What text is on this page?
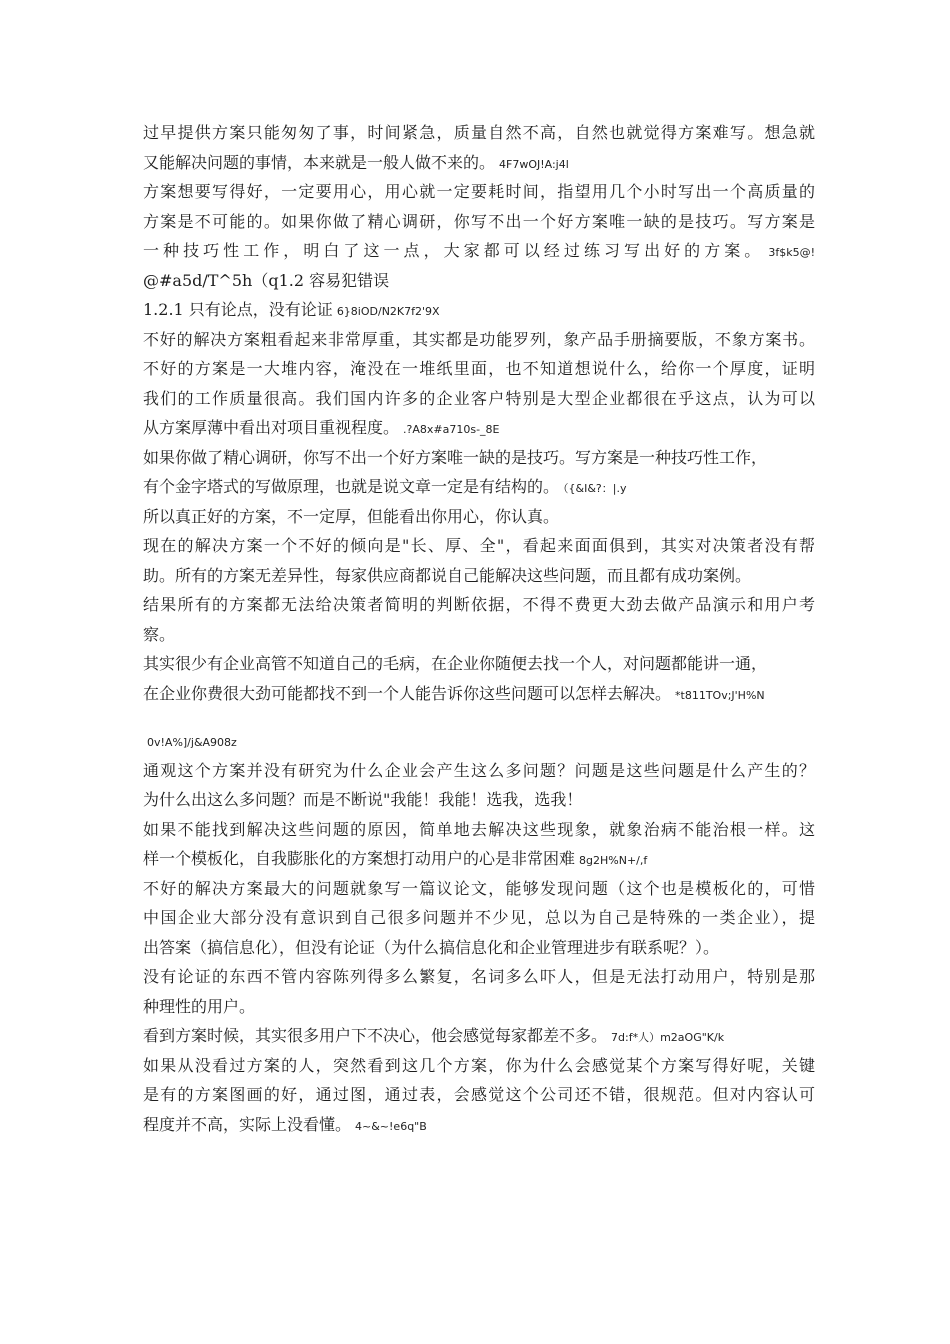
过早提供方案只能匆匆了事，时间紧急，质量自然不高，自然也就觉得方案难写。想急就
又能解决问题的事情，本来就是一般人做不来的。 4F7wOJ!A:j4l
方案想要写得好，一定要用心，用心就一定要耗时间，指望用几个小时写出一个高质量的
方案是不可能的。如果你做了精心调研，你写不出一个好方案唯一缺的是技巧。写方案是
一种技巧性工作，明白了这一点，大家都可以经过练习写出好的方案。 3f$k5@!
@#a5d/T^5h（q1.2 容易犯错误
1.2.1 只有论点，没有论证 6}8iOD/N2K7f2'9X
不好的解决方案粗看起来非常厚重，其实都是功能罗列，象产品手册摘要版，不象方案书。
不好的方案是一大堆内容，淹没在一堆纸里面，也不知道想说什么，给你一个厚度，证明
我们的工作质量很高。我们国内许多的企业客户特别是大型企业都很在乎这点，认为可以
从方案厚薄中看出对项目重视程度。 .?A8x#a710s-_8E
如果你做了精心调研，你写不出一个好方案唯一缺的是技巧。写方案是一种技巧性工作，
有个金字塔式的写做原理，也就是说文章一定是有结构的。 （{&I&?：|.y
所以真正好的方案，不一定厚，但能看出你用心，你认真。
现在的解决方案一个不好的倾向是"长、厚、全"，看起来面面俱到，其实对决策者没有帮
助。所有的方案无差异性，每家供应商都说自己能解决这些问题，而且都有成功案例。
结果所有的方案都无法给决策者简明的判断依据，不得不费更大劲去做产品演示和用户考
察。
其实很少有企业高管不知道自己的毛病，在企业你随便去找一个人，对问题都能讲一通，
在企业你费很大劲可能都找不到一个人能告诉你这些问题可以怎样去解决。 *t811TOv;J'H%N
0v!A%]/j&A908z
通观这个方案并没有研究为什么企业会产生这么多问题？问题是这些问题是什么产生的？
为什么出这么多问题？而是不断说"我能！我能！选我，选我！
如果不能找到解决这些问题的原因，简单地去解决这些现象，就象治病不能治根一样。这
样一个模板化，自我膨胀化的方案想打动用户的心是非常困难 8g2H%N+/,f
不好的解决方案最大的问题就象写一篇议论文，能够发现问题（这个也是模板化的，可惜
中国企业大部分没有意识到自己很多问题并不少见，总以为自己是特殊的一类企业），提
出答案（搞信息化），但没有论证（为什么搞信息化和企业管理进步有联系呢？）。
没有论证的东西不管内容陈列得多么繁复，名词多么吓人，但是无法打动用户，特别是那
种理性的用户。
看到方案时候，其实很多用户下不决心，他会感觉每家都差不多。 7d:f*人）m2aOG"K/k
如果从没看过方案的人，突然看到这几个方案，你为什么会感觉某个方案写得好呢，关键
是有的方案图画的好，通过图，通过表，会感觉这个公司还不错，很规范。但对内容认可
程度并不高，实际上没看懂。 4~&~!e6q"B
